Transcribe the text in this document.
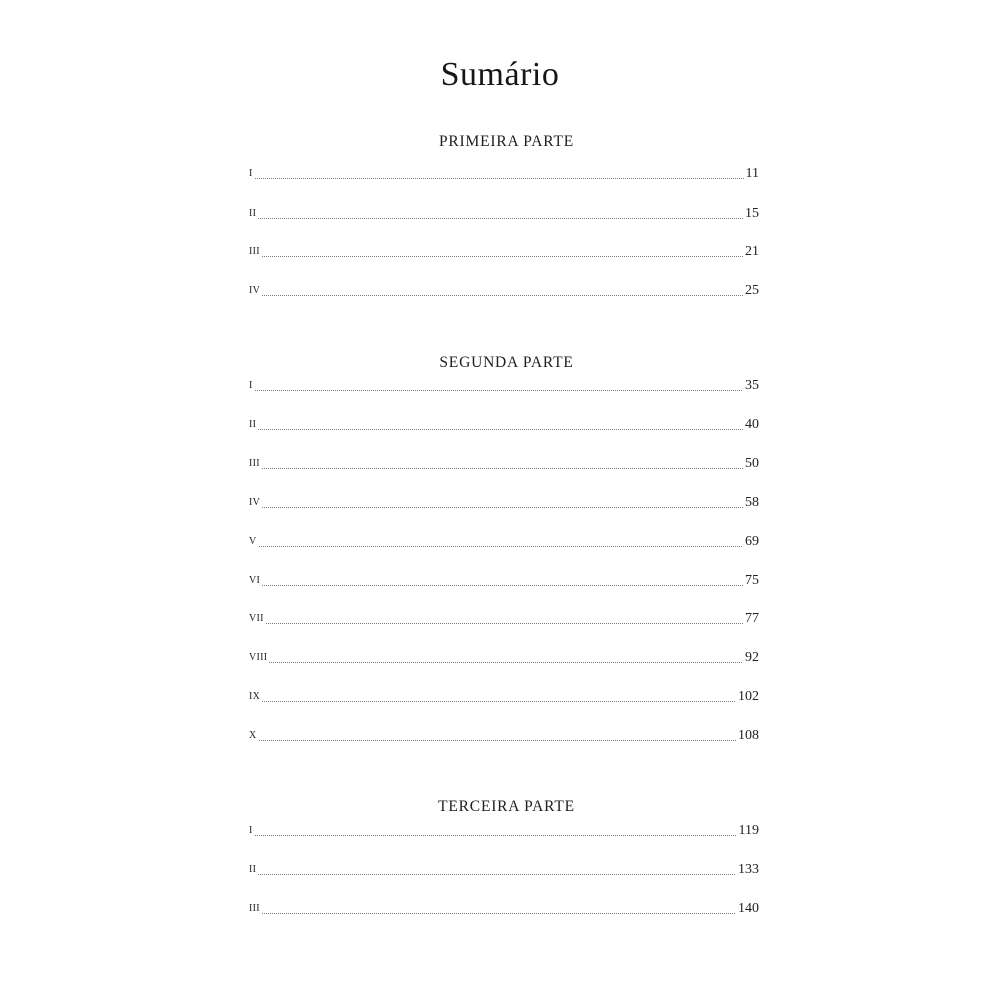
Sumário
PRIMEIRA PARTE
I	11
II	15
III	21
IV	25
SEGUNDA PARTE
I	35
II	40
III	50
IV	58
V	69
VI	75
VII	77
VIII	92
IX	102
X	108
TERCEIRA PARTE
I	119
II	133
III	140
